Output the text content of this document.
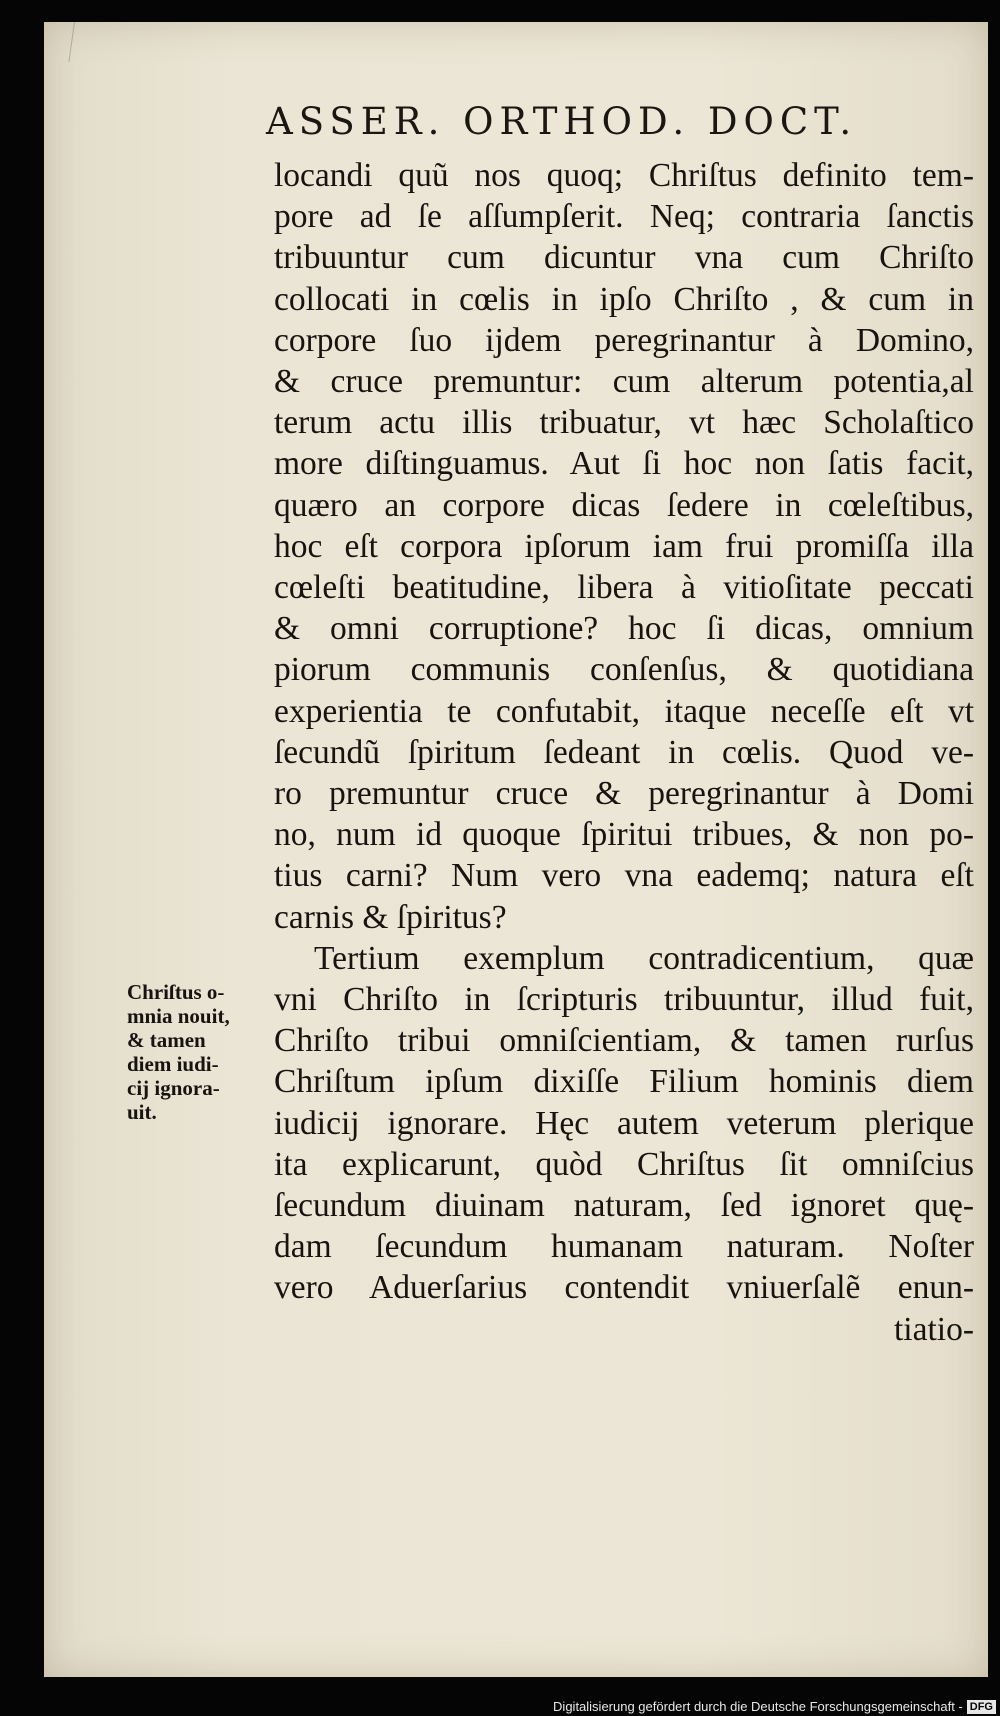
ASSER. ORTHOD. DOCT.
locandi quũ nos quoq; Chriſtus definito tem-
pore ad ſe aſſumpſerit. Neq; contraria ſanctis
tribuuntur cum dicuntur vna cum Chriſto
collocati in cœlis in ipſo Chriſto , & cum in
corpore ſuo ijdem peregrinantur à Domino,
& cruce premuntur: cum alterum potentia,al
terum actu illis tribuatur, vt hæc Scholaſtico
more diſtinguamus. Aut ſi hoc non ſatis facit,
quæro an corpore dicas ſedere in cœleſtibus,
hoc eſt corpora ipſorum iam frui promiſſa illa
cœleſti beatitudine, libera à vitioſitate peccati
& omni corruptione? hoc ſi dicas, omnium
piorum communis conſenſus, & quotidiana
experientia te confutabit, itaque neceſſe eſt vt
ſecundũ ſpiritum ſedeant in cœlis. Quod ve-
ro premuntur cruce & peregrinantur à Domi
no, num id quoque ſpiritui tribues, & non po-
tius carni? Num vero vna eademq; natura eſt
carnis & ſpiritus?
Tertium exemplum contradicentium, quæ
vni Chriſto in ſcripturis tribuuntur, illud fuit,
Chriſto tribui omniſcientiam, & tamen rurſus
Chriſtum ipſum dixiſſe Filium hominis diem
iudicij ignorare. Hęc autem veterum plerique
ita explicarunt, quòd Chriſtus ſit omniſcius
ſecundum diuinam naturam, ſed ignoret quę-
dam ſecundum humanam naturam. Noſter
vero Aduerſarius contendit vniuerſalẽ enun-
tiatio-
Chriſtus o-
mnia nouit,
& tamen
diem iudi-
cij ignora-
uit.
Digitalisierung gefördert durch die Deutsche Forschungsgemeinschaft - DFG
